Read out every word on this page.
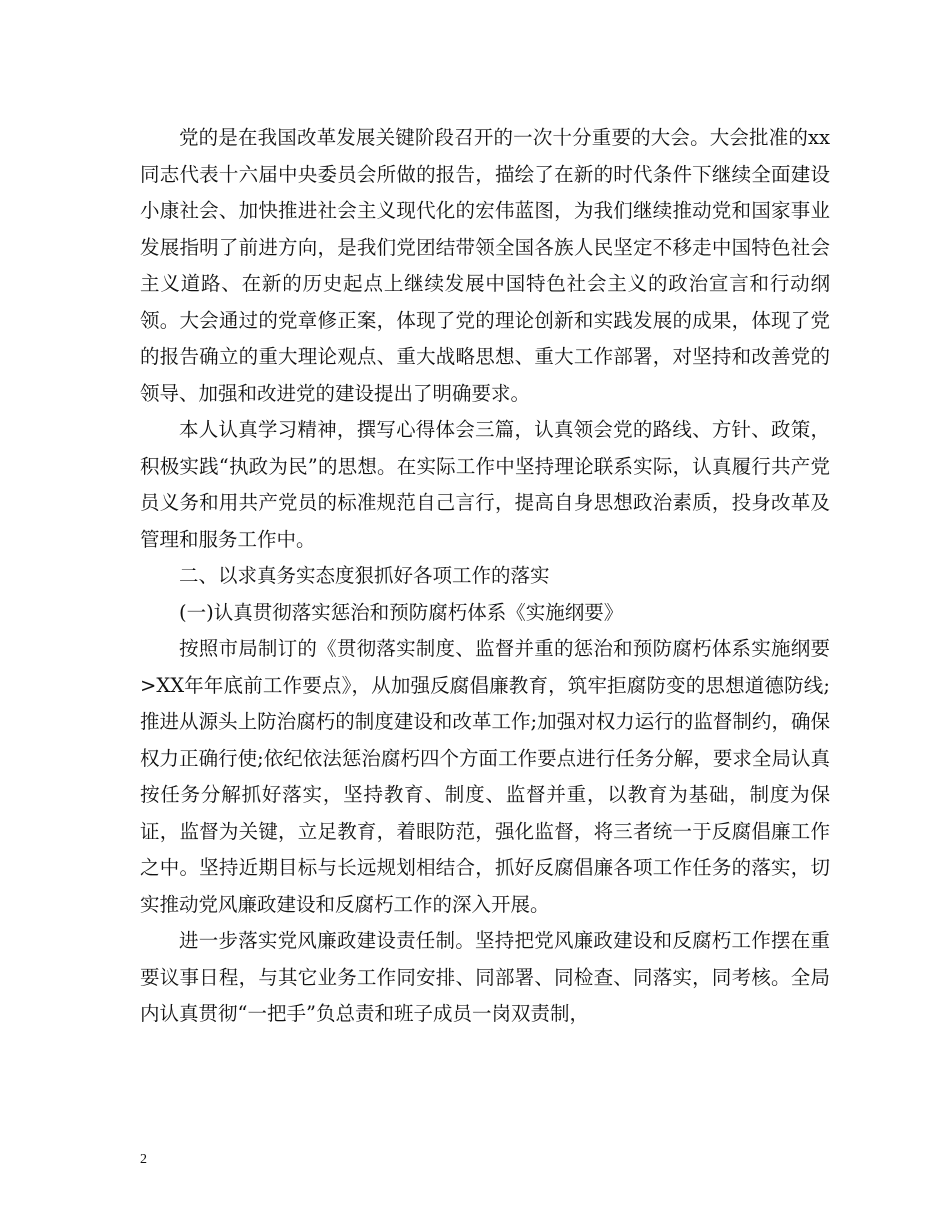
党的是在我国改革发展关键阶段召开的一次十分重要的大会。大会批准的xx同志代表十六届中央委员会所做的报告，描绘了在新的时代条件下继续全面建设小康社会、加快推进社会主义现代化的宏伟蓝图，为我们继续推动党和国家事业发展指明了前进方向，是我们党团结带领全国各族人民坚定不移走中国特色社会主义道路、在新的历史起点上继续发展中国特色社会主义的政治宣言和行动纲领。大会通过的党章修正案，体现了党的理论创新和实践发展的成果，体现了党的报告确立的重大理论观点、重大战略思想、重大工作部署，对坚持和改善党的领导、加强和改进党的建设提出了明确要求。

本人认真学习精神，撰写心得体会三篇，认真领会党的路线、方针、政策，积极实践“执政为民”的思想。在实际工作中坚持理论联系实际，认真履行共产党员义务和用共产党员的标准规范自己言行，提高自身思想政治素质，投身改革及管理和服务工作中。

二、以求真务实态度狠抓好各项工作的落实

(一)认真贯彻落实惩治和预防腐朽体系《实施纲要》

按照市局制订的《贯彻落实制度、监督并重的惩治和预防腐朽体系实施纲要>XX年年底前工作要点》，从加强反腐倡廉教育，筑牢拒腐防变的思想道德防线;推进从源头上防治腐朽的制度建设和改革工作;加强对权力运行的监督制约，确保权力正确行使;依纪依法惩治腐朽四个方面工作要点进行任务分解，要求全局认真按任务分解抓好落实，坚持教育、制度、监督并重，以教育为基础，制度为保证，监督为关键，立足教育，着眼防范，强化监督，将三者统一于反腐倡廉工作之中。坚持近期目标与长远规划相结合，抓好反腐倡廉各项工作任务的落实，切实推动党风廉政建设和反腐朽工作的深入开展。

进一步落实党风廉政建设责任制。坚持把党风廉政建设和反腐朽工作摆在重要议事日程，与其它业务工作同安排、同部署、同检查、同落实，同考核。全局内认真贯彻“一把手”负总责和班子成员一岗双责制，

2
